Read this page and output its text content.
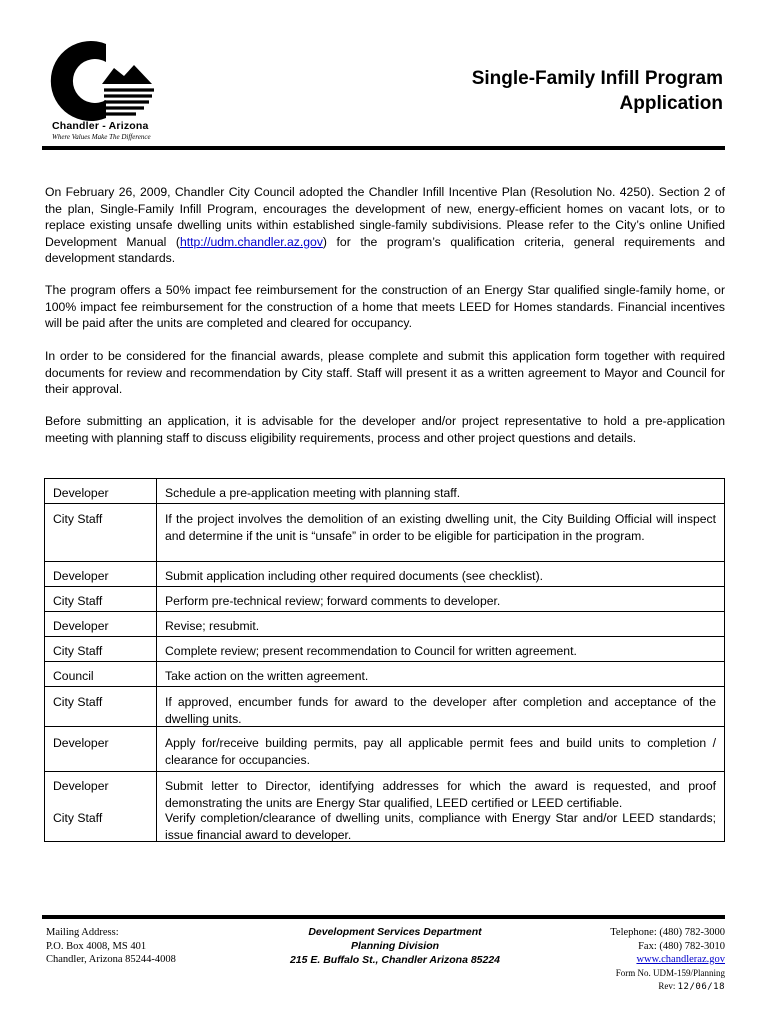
Chandler - Arizona
Where Values Make The Difference
Single-Family Infill Program
Application

On February 26, 2009, Chandler City Council adopted the Chandler Infill Incentive Plan (Resolution No. 4250). Section 2 of the plan, Single-Family Infill Program, encourages the development of new, energy-efficient homes on vacant lots, or to replace existing unsafe dwelling units within established single-family subdivisions. Please refer to the City’s online Unified Development Manual (http://udm.chandler.az.gov) for the program’s qualification criteria, general requirements and development standards.

The program offers a 50% impact fee reimbursement for the construction of an Energy Star qualified single-family home, or 100% impact fee reimbursement for the construction of a home that meets LEED for Homes standards. Financial incentives will be paid after the units are completed and cleared for occupancy.

In order to be considered for the financial awards, please complete and submit this application form together with required documents for review and recommendation by City staff. Staff will present it as a written agreement to Mayor and Council for their approval.

Before submitting an application, it is advisable for the developer and/or project representative to hold a pre-application meeting with planning staff to discuss eligibility requirements, process and other project questions and details.

Developer	Schedule a pre-application meeting with planning staff.
City Staff	If the project involves the demolition of an existing dwelling unit, the City Building Official will inspect and determine if the unit is “unsafe” in order to be eligible for participation in the program.
Developer	Submit application including other required documents (see checklist).
City Staff	Perform pre-technical review; forward comments to developer.
Developer	Revise; resubmit.
City Staff	Complete review; present recommendation to Council for written agreement.
Council	Take action on the written agreement.
City Staff	If approved, encumber funds for award to the developer after completion and acceptance of the dwelling units.
Developer	Apply for/receive building permits, pay all applicable permit fees and build units to completion / clearance for occupancies.
Developer	Submit letter to Director, identifying addresses for which the award is requested, and proof demonstrating the units are Energy Star qualified, LEED certified or LEED certifiable.
City Staff	Verify completion/clearance of dwelling units, compliance with Energy Star and/or LEED standards; issue financial award to developer.
Mailing Address:
P.O. Box 4008, MS 401
Chandler, Arizona 85244-4008
Development Services Department
Planning Division
215 E. Buffalo St., Chandler Arizona 85224
Telephone: (480) 782-3000
Fax: (480) 782-3010
www.chandleraz.gov
Form No. UDM-159/Planning
Rev: 12/06/18
